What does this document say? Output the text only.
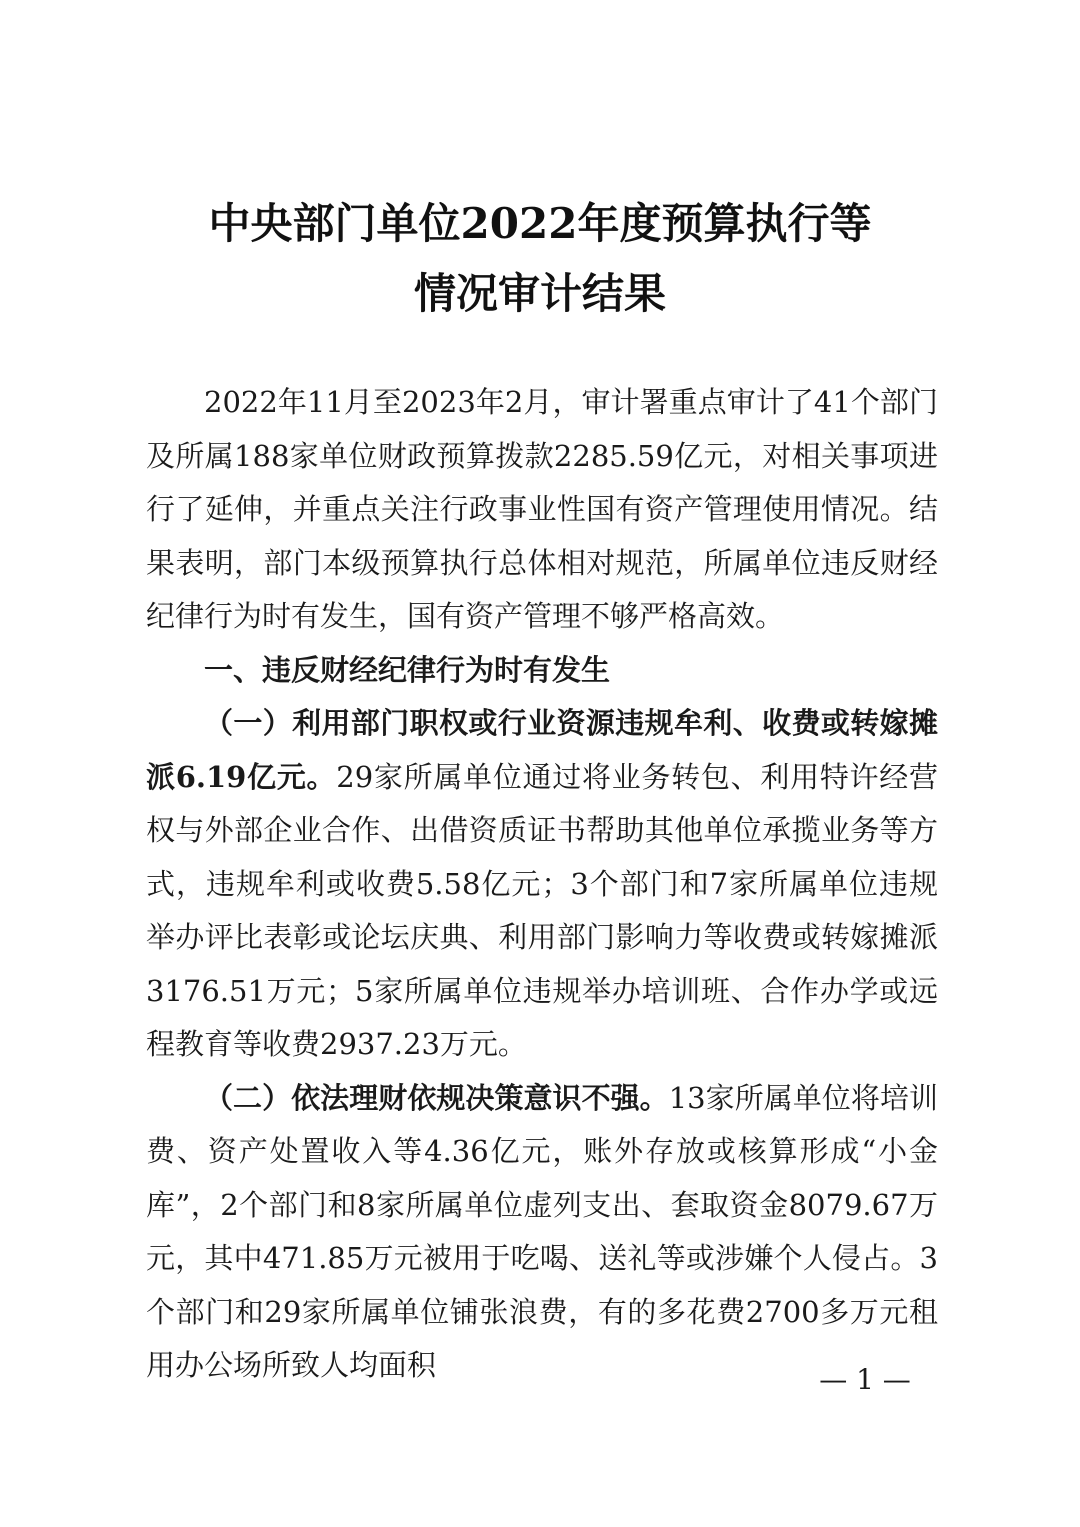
中央部门单位2022年度预算执行等
情况审计结果

2022年11月至2023年2月，审计署重点审计了41个部门及所属188家单位财政预算拨款2285.59亿元，对相关事项进行了延伸，并重点关注行政事业性国有资产管理使用情况。结果表明，部门本级预算执行总体相对规范，所属单位违反财经纪律行为时有发生，国有资产管理不够严格高效。

一、违反财经纪律行为时有发生

（一）利用部门职权或行业资源违规牟利、收费或转嫁摊派6.19亿元。29家所属单位通过将业务转包、利用特许经营权与外部企业合作、出借资质证书帮助其他单位承揽业务等方式，违规牟利或收费5.58亿元；3个部门和7家所属单位违规举办评比表彰或论坛庆典、利用部门影响力等收费或转嫁摊派3176.51万元；5家所属单位违规举办培训班、合作办学或远程教育等收费2937.23万元。

（二）依法理财依规决策意识不强。13家所属单位将培训费、资产处置收入等4.36亿元，账外存放或核算形成“小金库”，2个部门和8家所属单位虚列支出、套取资金8079.67万元，其中471.85万元被用于吃喝、送礼等或涉嫌个人侵占。3个部门和29家所属单位铺张浪费，有的多花费2700多万元租用办公场所致人均面积	— 1 —
